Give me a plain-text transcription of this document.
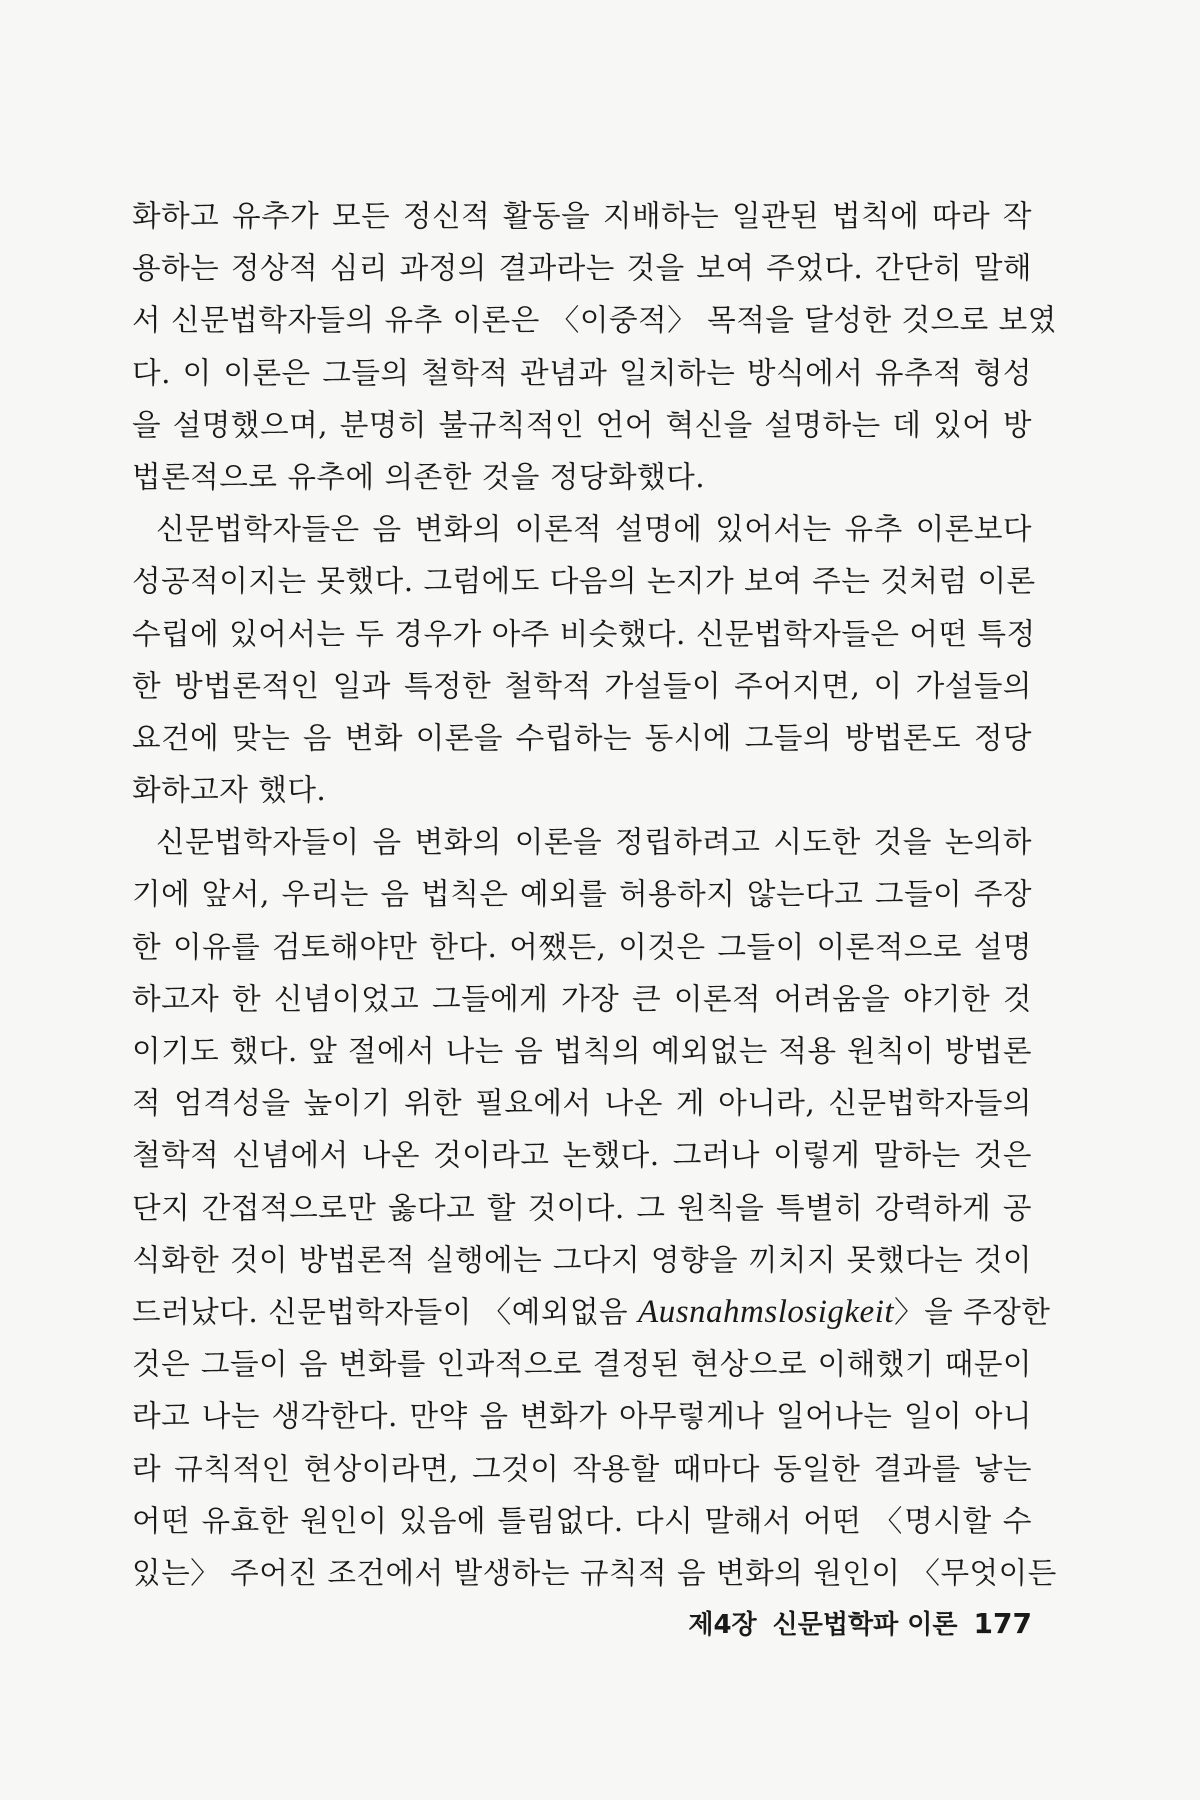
화하고 유추가 모든 정신적 활동을 지배하는 일관된 법칙에 따라 작
용하는 정상적 심리 과정의 결과라는 것을 보여 주었다. 간단히 말해
서 신문법학자들의 유추 이론은 〈이중적〉 목적을 달성한 것으로 보였
다. 이 이론은 그들의 철학적 관념과 일치하는 방식에서 유추적 형성
을 설명했으며, 분명히 불규칙적인 언어 혁신을 설명하는 데 있어 방
법론적으로 유추에 의존한 것을 정당화했다.
신문법학자들은 음 변화의 이론적 설명에 있어서는 유추 이론보다
성공적이지는 못했다. 그럼에도 다음의 논지가 보여 주는 것처럼 이론
수립에 있어서는 두 경우가 아주 비슷했다. 신문법학자들은 어떤 특정
한 방법론적인 일과 특정한 철학적 가설들이 주어지면, 이 가설들의
요건에 맞는 음 변화 이론을 수립하는 동시에 그들의 방법론도 정당
화하고자 했다.
신문법학자들이 음 변화의 이론을 정립하려고 시도한 것을 논의하
기에 앞서, 우리는 음 법칙은 예외를 허용하지 않는다고 그들이 주장
한 이유를 검토해야만 한다. 어쨌든, 이것은 그들이 이론적으로 설명
하고자 한 신념이었고 그들에게 가장 큰 이론적 어려움을 야기한 것
이기도 했다. 앞 절에서 나는 음 법칙의 예외없는 적용 원칙이 방법론
적 엄격성을 높이기 위한 필요에서 나온 게 아니라, 신문법학자들의
철학적 신념에서 나온 것이라고 논했다. 그러나 이렇게 말하는 것은
단지 간접적으로만 옳다고 할 것이다. 그 원칙을 특별히 강력하게 공
식화한 것이 방법론적 실행에는 그다지 영향을 끼치지 못했다는 것이
드러났다. 신문법학자들이 〈예외없음 Ausnahmslosigkeit〉을 주장한
것은 그들이 음 변화를 인과적으로 결정된 현상으로 이해했기 때문이
라고 나는 생각한다. 만약 음 변화가 아무렇게나 일어나는 일이 아니
라 규칙적인 현상이라면, 그것이 작용할 때마다 동일한 결과를 낳는
어떤 유효한 원인이 있음에 틀림없다. 다시 말해서 어떤 〈명시할 수
있는〉 주어진 조건에서 발생하는 규칙적 음 변화의 원인이 〈무엇이든
제4장 신문법학파 이론 177
